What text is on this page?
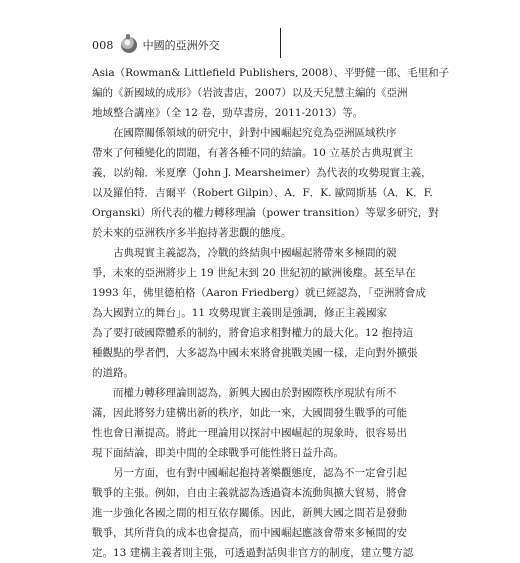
008	中國的亞洲外交
Asia（Rowman& Littlefield Publishers, 2008）、平野健一郎、毛里和子
編的《新國域的成形》（岩波書店，2007）以及天兒慧主編的《亞洲
地域整合講座》（全 12 卷，勁草書房，2011-2013）等。
在國際關係領域的研究中，針對中國崛起究竟為亞洲區域秩序
帶來了何種變化的問題，有著各種不同的結論。10 立基於古典現實主
義，以約翰．米夏摩（John J. Mearsheimer）為代表的攻勢現實主義，
以及羅伯特．吉爾平（Robert Gilpin）、A．F．K. 歐岡斯基（A．K．F.
Organski）所代表的權力轉移理論（power transition）等眾多研究，對
於未來的亞洲秩序多半抱持著悲觀的態度。
古典現實主義認為，冷戰的終結與中國崛起將帶來多極間的競
爭，未來的亞洲將步上 19 世紀末到 20 世紀初的歐洲後塵。甚至早在
1993 年，佛里德柏格（Aaron Friedberg）就已經認為，「亞洲將會成
為大國對立的舞台」。11 攻勢現實主義則是強調，修正主義國家
為了要打破國際體系的制約，將會追求相對權力的最大化。12 抱持這
種觀點的學者們，大多認為中國未來將會挑戰美國一樣，走向對外擴張
的道路。
而權力轉移理論則認為，新興大國由於對國際秩序現狀有所不
滿，因此將努力建構出新的秩序，如此一來，大國間發生戰爭的可能
性也會日漸提高。將此一理論用以探討中國崛起的現象時，很容易出
現下面結論，即美中間的全球戰爭可能性將日益升高。
另一方面，也有對中國崛起抱持著樂觀態度，認為不一定會引起
戰爭的主張。例如，自由主義就認為透過資本流動與擴大貿易，將會
進一步強化各國之間的相互依存關係。因此，新興大國之間若是發動
戰爭，其所背負的成本也會提高，而中國崛起應該會帶來多極間的安
定。13 建構主義者則主張，可透過對話與非官方的制度，建立雙方認
